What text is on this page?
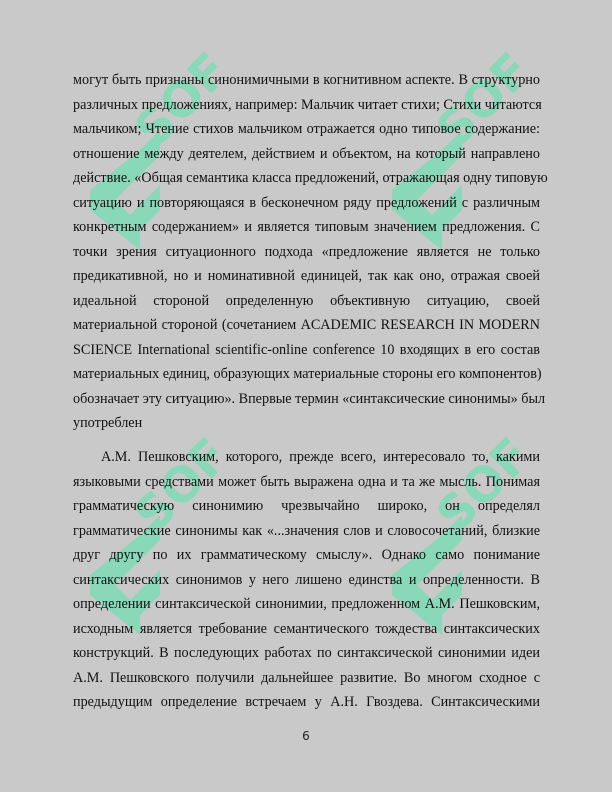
SOF	SOF
SOF	SOF
могут быть признаны синонимичными в когнитивном аспекте. В структурно
различных предложениях, например: Мальчик читает стихи; Стихи читаются
мальчиком; Чтение стихов мальчиком отражается одно типовое содержание:
отношение между деятелем, действием и объектом, на который направлено
действие. «Общая семантика класса предложений, отражающая одну типовую
ситуацию и повторяющаяся в бесконечном ряду предложений с различным
конкретным содержанием» и является типовым значением предложения. С
точки зрения ситуационного подхода «предложение является не только
предикативной, но и номинативной единицей, так как оно, отражая своей
идеальной стороной определенную объективную ситуацию, своей
материальной стороной (сочетанием ACADEMIC RESEARCH IN MODERN
SCIENCE International scientific-online conference 10 входящих в его состав
материальных единиц, образующих материальные стороны его компонентов)
обозначает эту ситуацию». Впервые термин «синтаксические синонимы» был
употреблен
А.М. Пешковским, которого, прежде всего, интересовало то, какими
языковыми средствами может быть выражена одна и та же мысль. Понимая
грамматическую синонимию чрезвычайно широко, он определял
грамматические синонимы как «...значения слов и словосочетаний, близкие
друг другу по их грамматическому смыслу». Однако само понимание
синтаксических синонимов у него лишено единства и определенности. В
определении синтаксической синонимии, предложенном А.М. Пешковским,
исходным является требование семантического тождества синтаксических
конструкций. В последующих работах по синтаксической синонимии идеи
А.М. Пешковского получили дальнейшее развитие. Во многом сходное с
предыдущим определение встречаем у А.Н. Гвоздева. Синтаксическими
6
